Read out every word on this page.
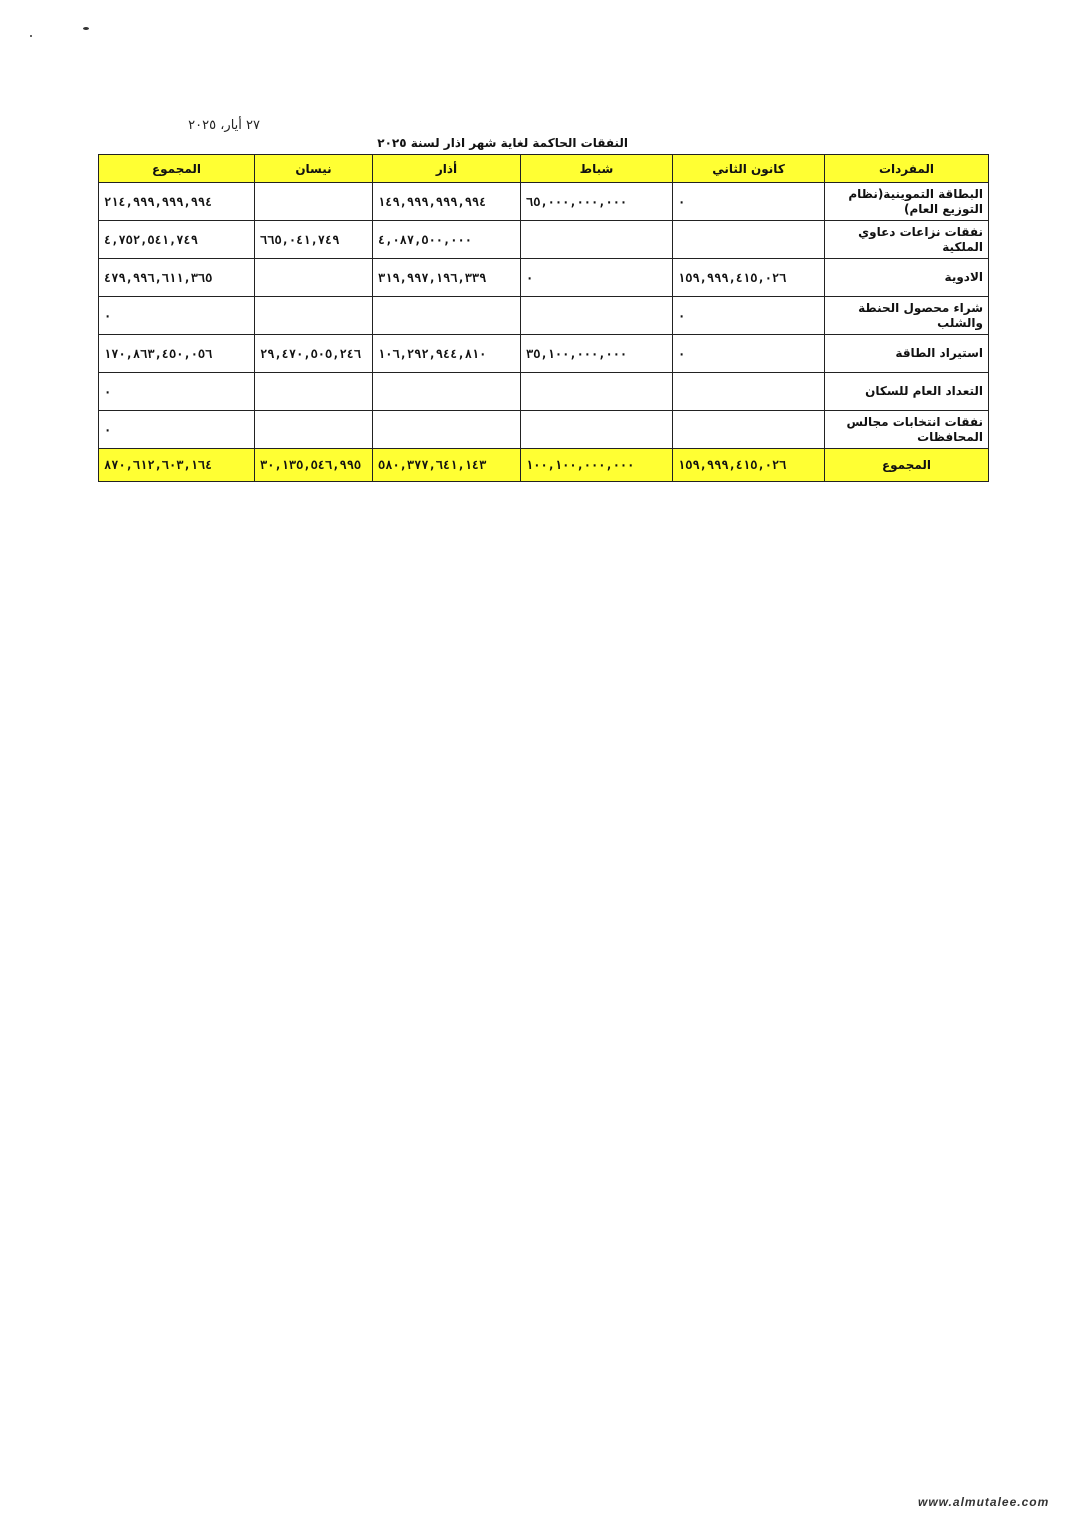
٢٧ أيار، ٢٠٢٥
النفقات الحاكمة لغاية شهر اذار لسنة ٢٠٢٥
المفردات	كانون الثاني	شباط	أذار	نيسان	المجموع
البطاقة التموينية(نظام التوزيع العام)	٠	٦٥,٠٠٠,٠٠٠,٠٠٠	١٤٩,٩٩٩,٩٩٩,٩٩٤		٢١٤,٩٩٩,٩٩٩,٩٩٤
نفقات نزاعات دعاوي الملكية			٤,٠٨٧,٥٠٠,٠٠٠	٦٦٥,٠٤١,٧٤٩	٤,٧٥٢,٥٤١,٧٤٩
الادوية	١٥٩,٩٩٩,٤١٥,٠٢٦	٠	٣١٩,٩٩٧,١٩٦,٣٣٩		٤٧٩,٩٩٦,٦١١,٣٦٥
شراء محصول الحنطة والشلب	٠				٠
استيراد الطاقة	٠	٣٥,١٠٠,٠٠٠,٠٠٠	١٠٦,٢٩٢,٩٤٤,٨١٠	٢٩,٤٧٠,٥٠٥,٢٤٦	١٧٠,٨٦٣,٤٥٠,٠٥٦
التعداد العام للسكان					٠
نفقات انتخابات مجالس المحافظات					٠
المجموع	١٥٩,٩٩٩,٤١٥,٠٢٦	١٠٠,١٠٠,٠٠٠,٠٠٠	٥٨٠,٣٧٧,٦٤١,١٤٣	٣٠,١٣٥,٥٤٦,٩٩٥	٨٧٠,٦١٢,٦٠٣,١٦٤
www.almutalee.com
